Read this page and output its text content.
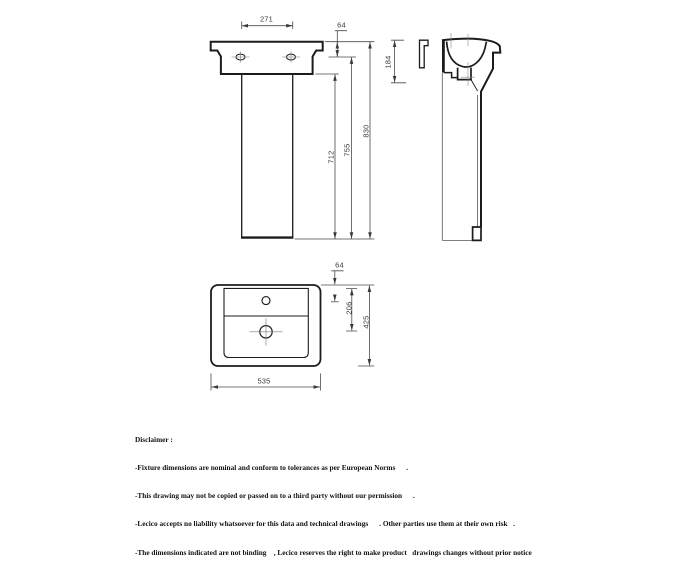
271
64
712
755
830
184
64
206
425
535

Disclaimer :

-Fixture dimensions are nominal and conform to tolerances as per European Norms      .

-This drawing may not be copied or passed on to a third party without our permission      .

-Lecico accepts no liability whatsoever for this data and technical drawings      . Other parties use them at their own risk   .

-The dimensions indicated are not binding    , Lecico reserves the right to make product   drawings changes without prior notice
